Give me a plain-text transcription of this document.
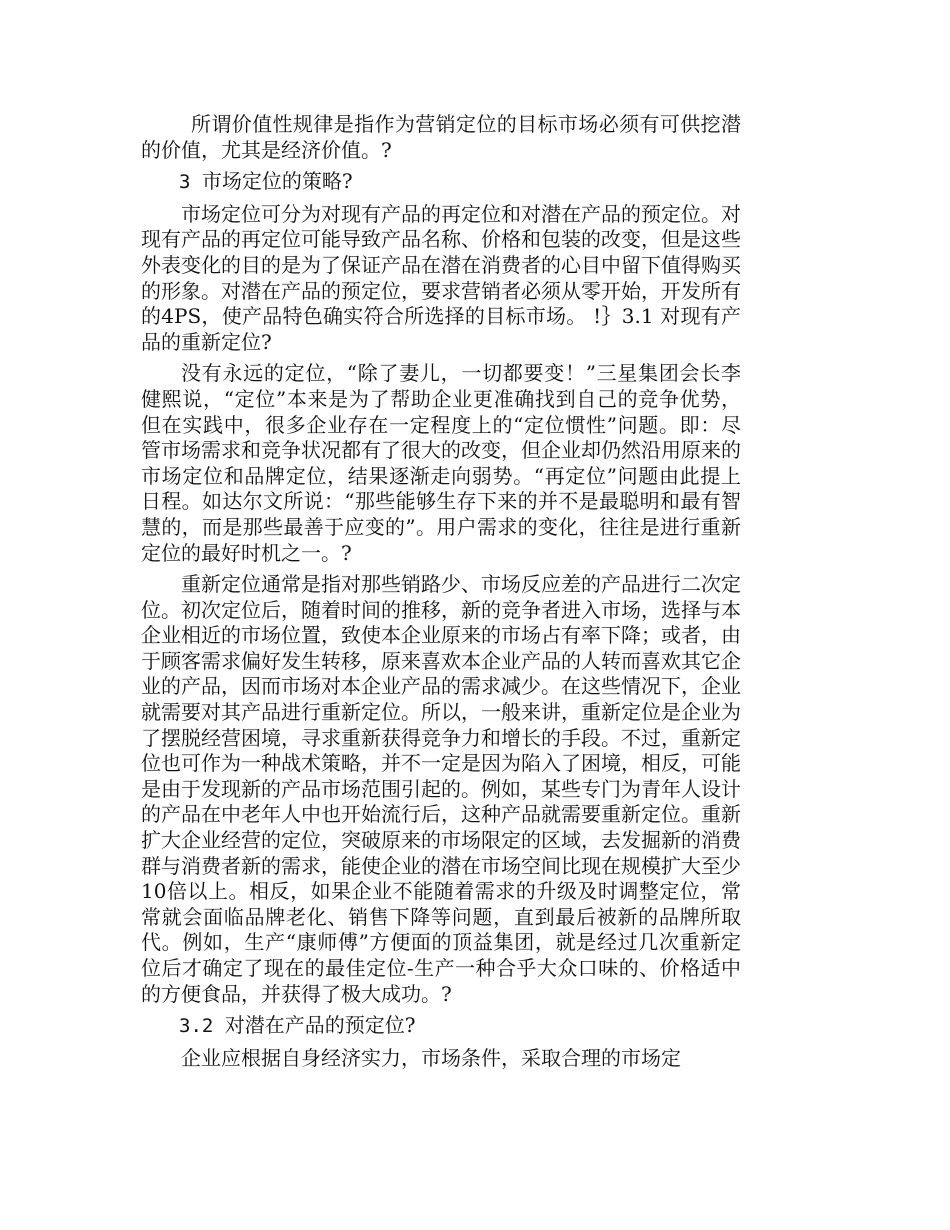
所谓价值性规律是指作为营销定位的目标市场必须有可供挖潜的价值，尤其是经济价值。?

3 市场定位的策略?

市场定位可分为对现有产品的再定位和对潜在产品的预定位。对现有产品的再定位可能导致产品名称、价格和包装的改变，但是这些外表变化的目的是为了保证产品在潜在消费者的心目中留下值得购买的形象。对潜在产品的预定位，要求营销者必须从零开始，开发所有的4PS，使产品特色确实符合所选择的目标市场。 !｝3.1 对现有产品的重新定位?

没有永远的定位，“除了妻儿，一切都要变！”三星集团会长李健熙说，“定位”本来是为了帮助企业更准确找到自己的竞争优势，但在实践中，很多企业存在一定程度上的“定位惯性”问题。即：尽管市场需求和竞争状况都有了很大的改变，但企业却仍然沿用原来的市场定位和品牌定位，结果逐渐走向弱势。“再定位”问题由此提上日程。如达尔文所说：“那些能够生存下来的并不是最聪明和最有智慧的，而是那些最善于应变的”。用户需求的变化，往往是进行重新定位的最好时机之一。?

重新定位通常是指对那些销路少、市场反应差的产品进行二次定位。初次定位后，随着时间的推移，新的竞争者进入市场，选择与本企业相近的市场位置，致使本企业原来的市场占有率下降；或者，由于顾客需求偏好发生转移，原来喜欢本企业产品的人转而喜欢其它企业的产品，因而市场对本企业产品的需求减少。在这些情况下，企业就需要对其产品进行重新定位。所以，一般来讲，重新定位是企业为了摆脱经营困境，寻求重新获得竞争力和增长的手段。不过，重新定位也可作为一种战术策略，并不一定是因为陷入了困境，相反，可能是由于发现新的产品市场范围引起的。例如，某些专门为青年人设计的产品在中老年人中也开始流行后，这种产品就需要重新定位。重新扩大企业经营的定位，突破原来的市场限定的区域，去发掘新的消费群与消费者新的需求，能使企业的潜在市场空间比现在规模扩大至少10倍以上。相反，如果企业不能随着需求的升级及时调整定位，常常就会面临品牌老化、销售下降等问题，直到最后被新的品牌所取代。例如，生产“康师傅”方便面的顶益集团，就是经过几次重新定位后才确定了现在的最佳定位-生产一种合乎大众口味的、价格适中的方便食品，并获得了极大成功。?

3.2 对潜在产品的预定位?

企业应根据自身经济实力，市场条件，采取合理的市场定
